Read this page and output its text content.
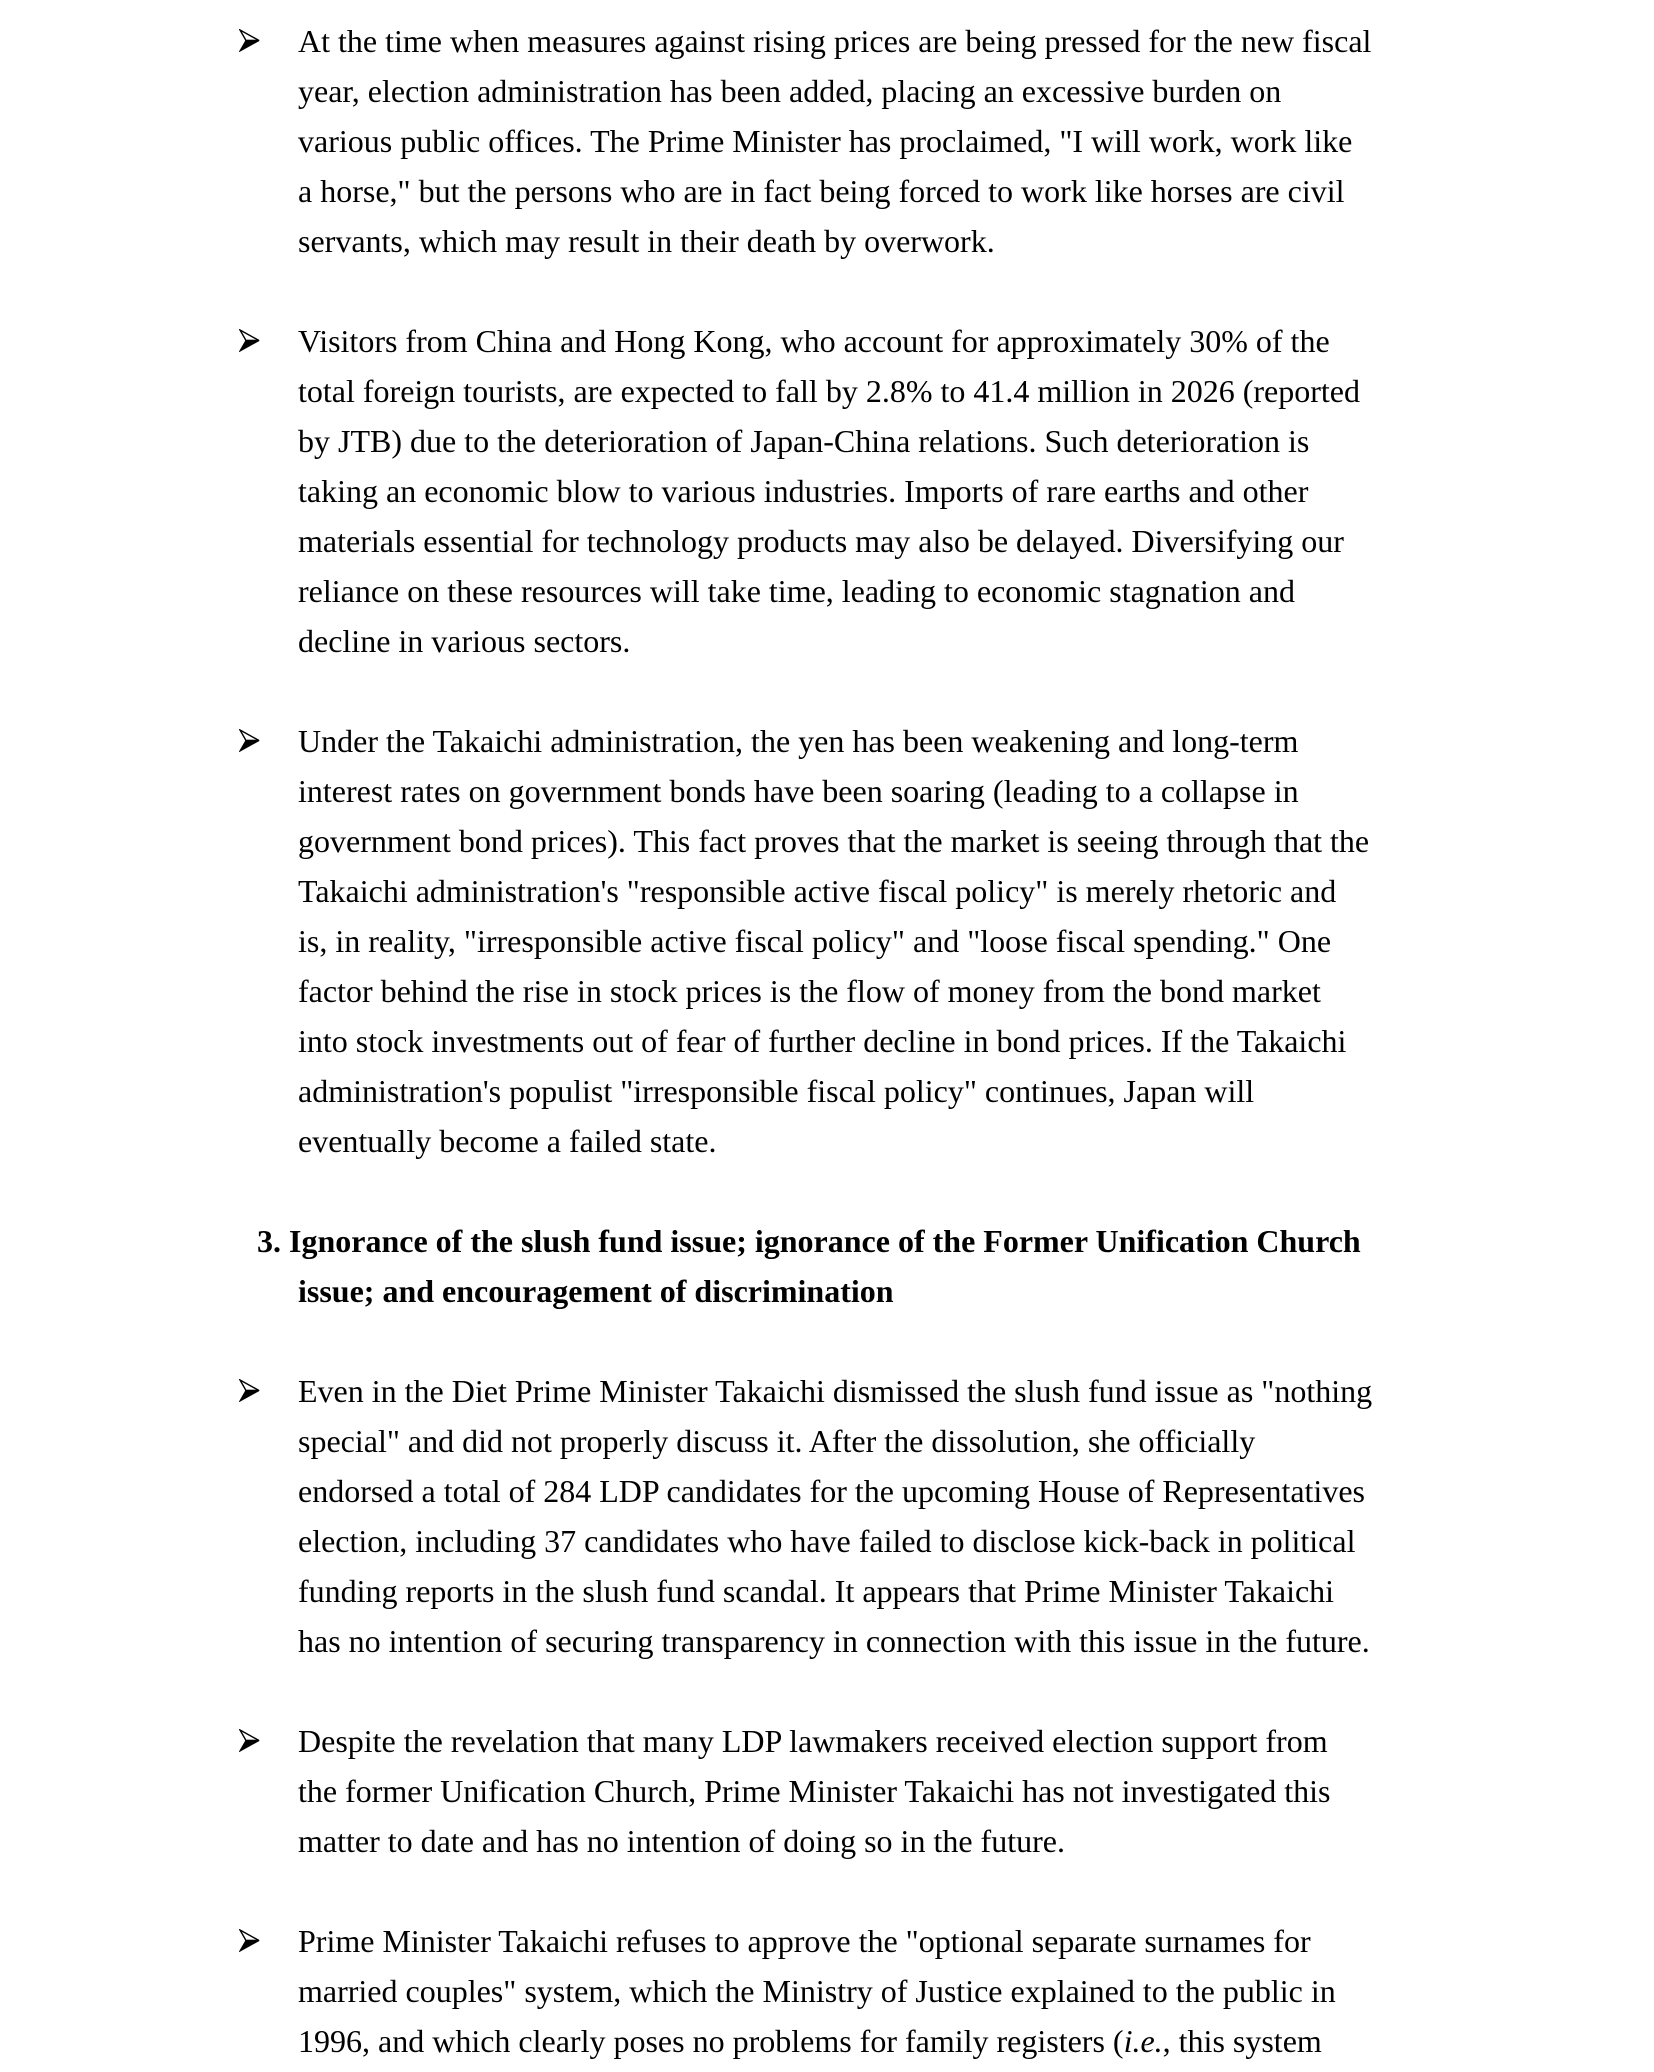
At the time when measures against rising prices are being pressed for the new fiscal
year, election administration has been added, placing an excessive burden on
various public offices. The Prime Minister has proclaimed, "I will work, work like
a horse," but the persons who are in fact being forced to work like horses are civil
servants, which may result in their death by overwork.
Visitors from China and Hong Kong, who account for approximately 30% of the
total foreign tourists, are expected to fall by 2.8% to 41.4 million in 2026 (reported
by JTB) due to the deterioration of Japan-China relations. Such deterioration is
taking an economic blow to various industries. Imports of rare earths and other
materials essential for technology products may also be delayed. Diversifying our
reliance on these resources will take time, leading to economic stagnation and
decline in various sectors.
Under the Takaichi administration, the yen has been weakening and long-term
interest rates on government bonds have been soaring (leading to a collapse in
government bond prices). This fact proves that the market is seeing through that the
Takaichi administration's "responsible active fiscal policy" is merely rhetoric and
is, in reality, "irresponsible active fiscal policy" and "loose fiscal spending." One
factor behind the rise in stock prices is the flow of money from the bond market
into stock investments out of fear of further decline in bond prices. If the Takaichi
administration's populist "irresponsible fiscal policy" continues, Japan will
eventually become a failed state.
3. Ignorance of the slush fund issue; ignorance of the Former Unification Church
issue; and encouragement of discrimination
Even in the Diet Prime Minister Takaichi dismissed the slush fund issue as "nothing
special" and did not properly discuss it. After the dissolution, she officially
endorsed a total of 284 LDP candidates for the upcoming House of Representatives
election, including 37 candidates who have failed to disclose kick-back in political
funding reports in the slush fund scandal. It appears that Prime Minister Takaichi
has no intention of securing transparency in connection with this issue in the future.
Despite the revelation that many LDP lawmakers received election support from
the former Unification Church, Prime Minister Takaichi has not investigated this
matter to date and has no intention of doing so in the future.
Prime Minister Takaichi refuses to approve the "optional separate surnames for
married couples" system, which the Ministry of Justice explained to the public in
1996, and which clearly poses no problems for family registers (i.e., this system
